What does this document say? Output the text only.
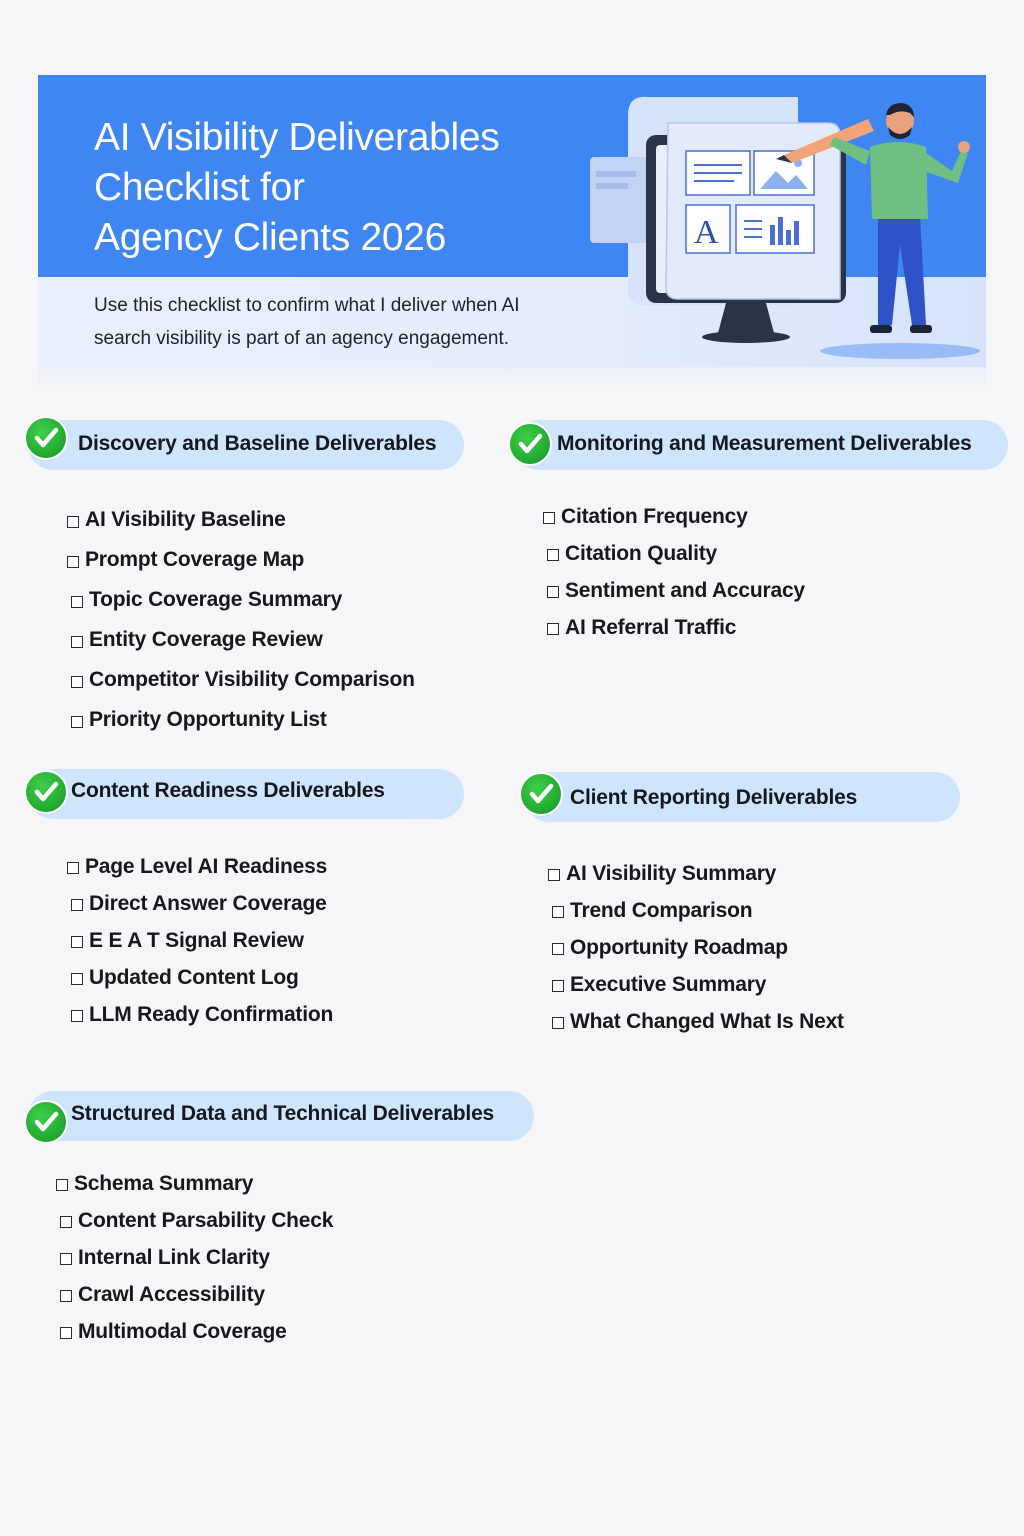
AI Visibility Deliverables
Checklist for
Agency Clients 2026
Use this checklist to confirm what I deliver when AI
search visibility is part of an agency engagement.
A
Discovery and Baseline Deliverables
AI Visibility Baseline
Prompt Coverage Map
Topic Coverage Summary
Entity Coverage Review
Competitor Visibility Comparison
Priority Opportunity List
Monitoring and Measurement Deliverables
Citation Frequency
Citation Quality
Sentiment and Accuracy
AI Referral Traffic
Content Readiness Deliverables
Page Level AI Readiness
Direct Answer Coverage
E E A T Signal Review
Updated Content Log
LLM Ready Confirmation
Client Reporting Deliverables
AI Visibility Summary
Trend Comparison
Opportunity Roadmap
Executive Summary
What Changed What Is Next
Structured Data and Technical Deliverables
Schema Summary
Content Parsability Check
Internal Link Clarity
Crawl Accessibility
Multimodal Coverage
